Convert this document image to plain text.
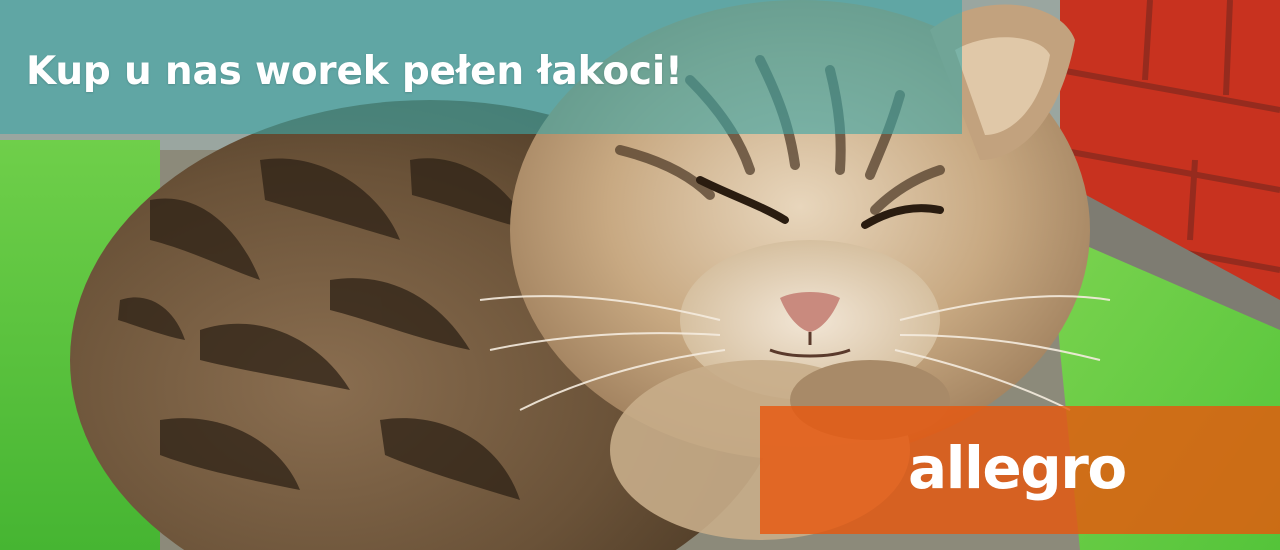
Kup u nas worek pełen łakoci!
allegro
